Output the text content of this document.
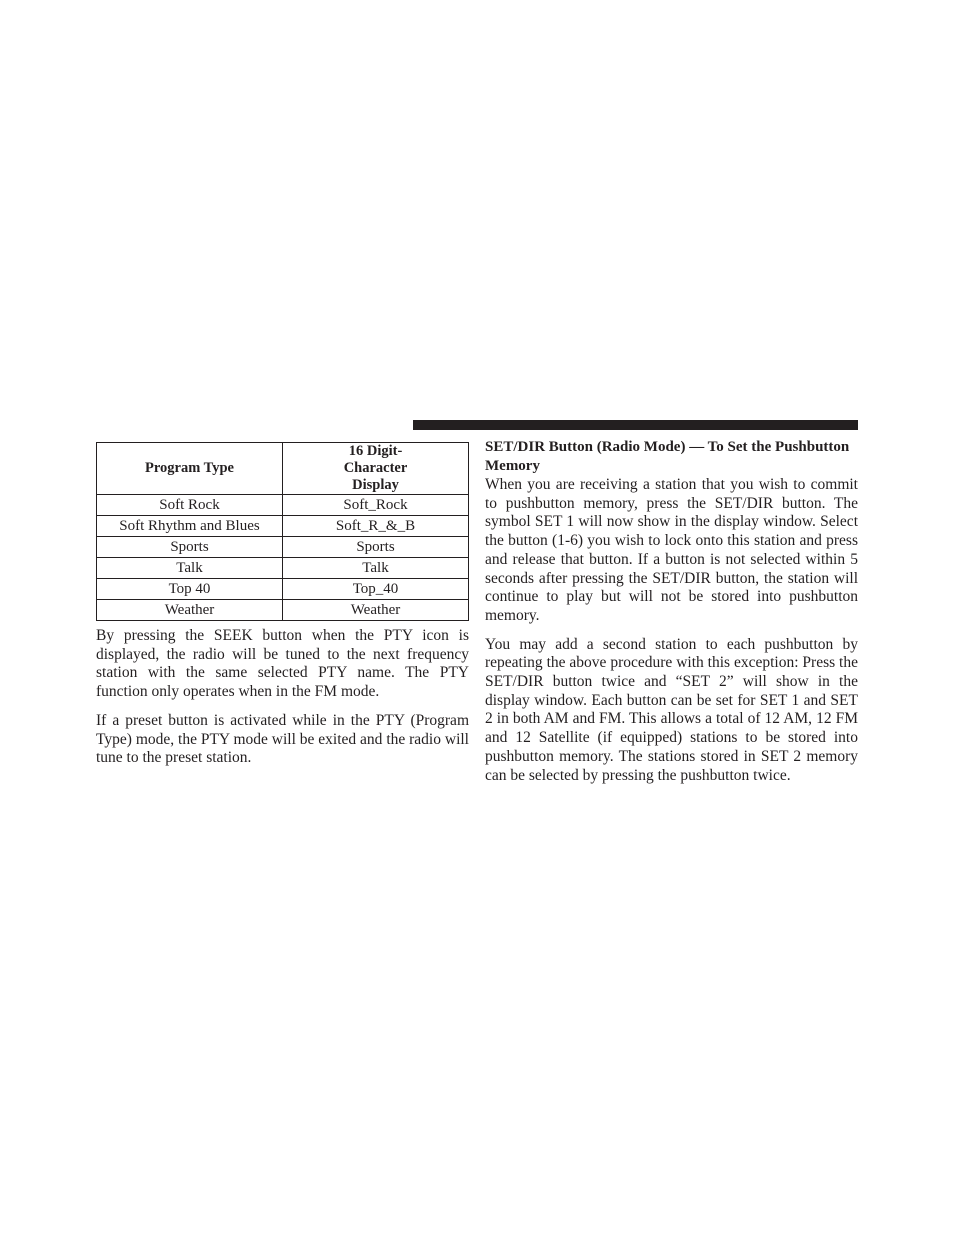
Program Type	16 Digit-Character Display
Soft Rock	Soft_Rock
Soft Rhythm and Blues	Soft_R_&_B
Sports	Sports
Talk	Talk
Top 40	Top_40
Weather	Weather

By pressing the SEEK button when the PTY icon is displayed, the radio will be tuned to the next frequency station with the same selected PTY name. The PTY function only operates when in the FM mode.

If a preset button is activated while in the PTY (Program Type) mode, the PTY mode will be exited and the radio will tune to the preset station.

SET/DIR Button (Radio Mode) — To Set the Pushbutton Memory

When you are receiving a station that you wish to commit to pushbutton memory, press the SET/DIR button. The symbol SET 1 will now show in the display window. Select the button (1-6) you wish to lock onto this station and press and release that button. If a button is not selected within 5 seconds after pressing the SET/DIR button, the station will continue to play but will not be stored into pushbutton memory.

You may add a second station to each pushbutton by repeating the above procedure with this exception: Press the SET/DIR button twice and “SET 2” will show in the display window. Each button can be set for SET 1 and SET 2 in both AM and FM. This allows a total of 12 AM, 12 FM and 12 Satellite (if equipped) stations to be stored into pushbutton memory. The stations stored in SET 2 memory can be selected by pressing the pushbutton twice.
